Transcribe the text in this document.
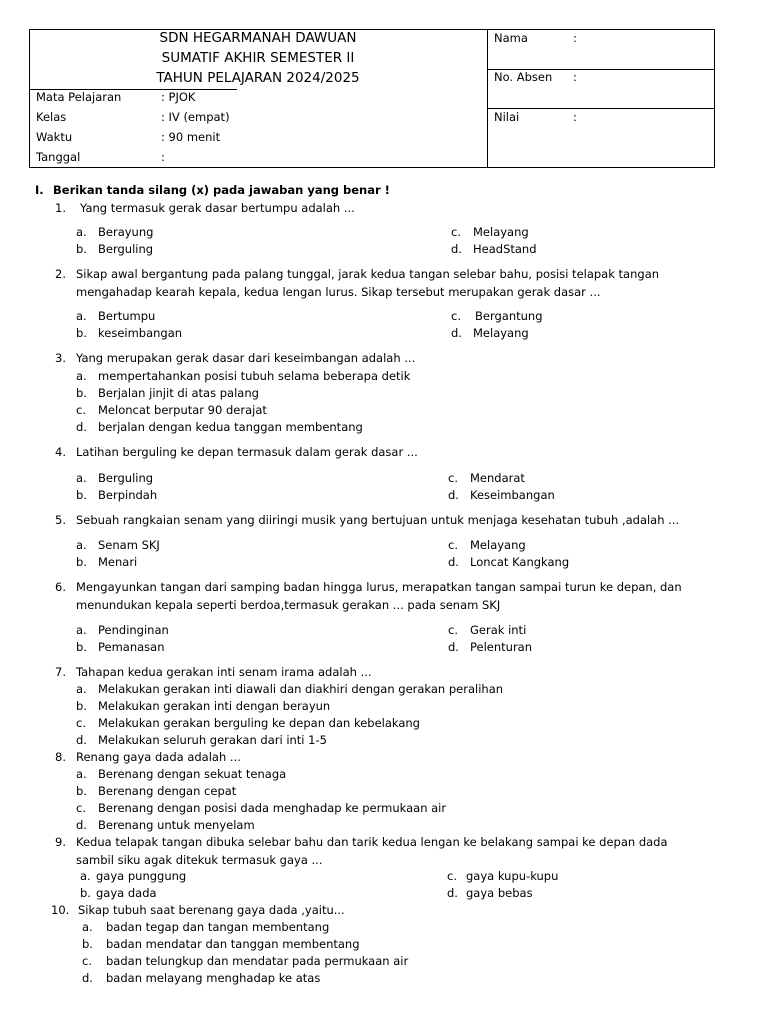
SDN HEGARMANAH DAWUAN
SUMATIF AKHIR SEMESTER II
TAHUN PELAJARAN 2024/2025
Mata Pelajaran	: PJOK
Kelas	: IV (empat)
Waktu	: 90 menit
Tanggal	:
Nama	:
No. Absen :
Nilai	:
I. Berikan tanda silang (x) pada jawaban yang benar !
1. Yang termasuk gerak dasar bertumpu adalah ...
a. Berayung
b. Berguling
c. Melayang
d. HeadStand
2. Sikap awal bergantung pada palang tunggal, jarak kedua tangan selebar bahu, posisi telapak tangan
mengahadap kearah kepala, kedua lengan lurus. Sikap tersebut merupakan gerak dasar ...
a. Bertumpu
b. keseimbangan
c. Bergantung
d. Melayang
3. Yang merupakan gerak dasar dari keseimbangan adalah ...
a. mempertahankan posisi tubuh selama beberapa detik
b. Berjalan jinjit di atas palang
c. Meloncat berputar 90 derajat
d. berjalan dengan kedua tanggan membentang
4. Latihan berguling ke depan termasuk dalam gerak dasar ...
a. Berguling
b. Berpindah
c. Mendarat
d. Keseimbangan
5. Sebuah rangkaian senam yang diiringi musik yang bertujuan untuk menjaga kesehatan tubuh ,adalah ...
a. Senam SKJ
b. Menari
c. Melayang
d. Loncat Kangkang
6. Mengayunkan tangan dari samping badan hingga lurus, merapatkan tangan sampai turun ke depan, dan
menundukan kepala seperti berdoa,termasuk gerakan ... pada senam SKJ
a. Pendinginan
b. Pemanasan
c. Gerak inti
d. Pelenturan
7. Tahapan kedua gerakan inti senam irama adalah ...
a. Melakukan gerakan inti diawali dan diakhiri dengan gerakan peralihan
b. Melakukan gerakan inti dengan berayun
c. Melakukan gerakan berguling ke depan dan kebelakang
d. Melakukan seluruh gerakan dari inti 1-5
8. Renang gaya dada adalah ...
a. Berenang dengan sekuat tenaga
b. Berenang dengan cepat
c. Berenang dengan posisi dada menghadap ke permukaan air
d. Berenang untuk menyelam
9. Kedua telapak tangan dibuka selebar bahu dan tarik kedua lengan ke belakang sampai ke depan dada
sambil siku agak ditekuk termasuk gaya ...
a. gaya punggung
b. gaya dada
c. gaya kupu-kupu
d. gaya bebas
10. Sikap tubuh saat berenang gaya dada ,yaitu...
a. badan tegap dan tangan membentang
b. badan mendatar dan tanggan membentang
c. badan telungkup dan mendatar pada permukaan air
d. badan melayang menghadap ke atas
